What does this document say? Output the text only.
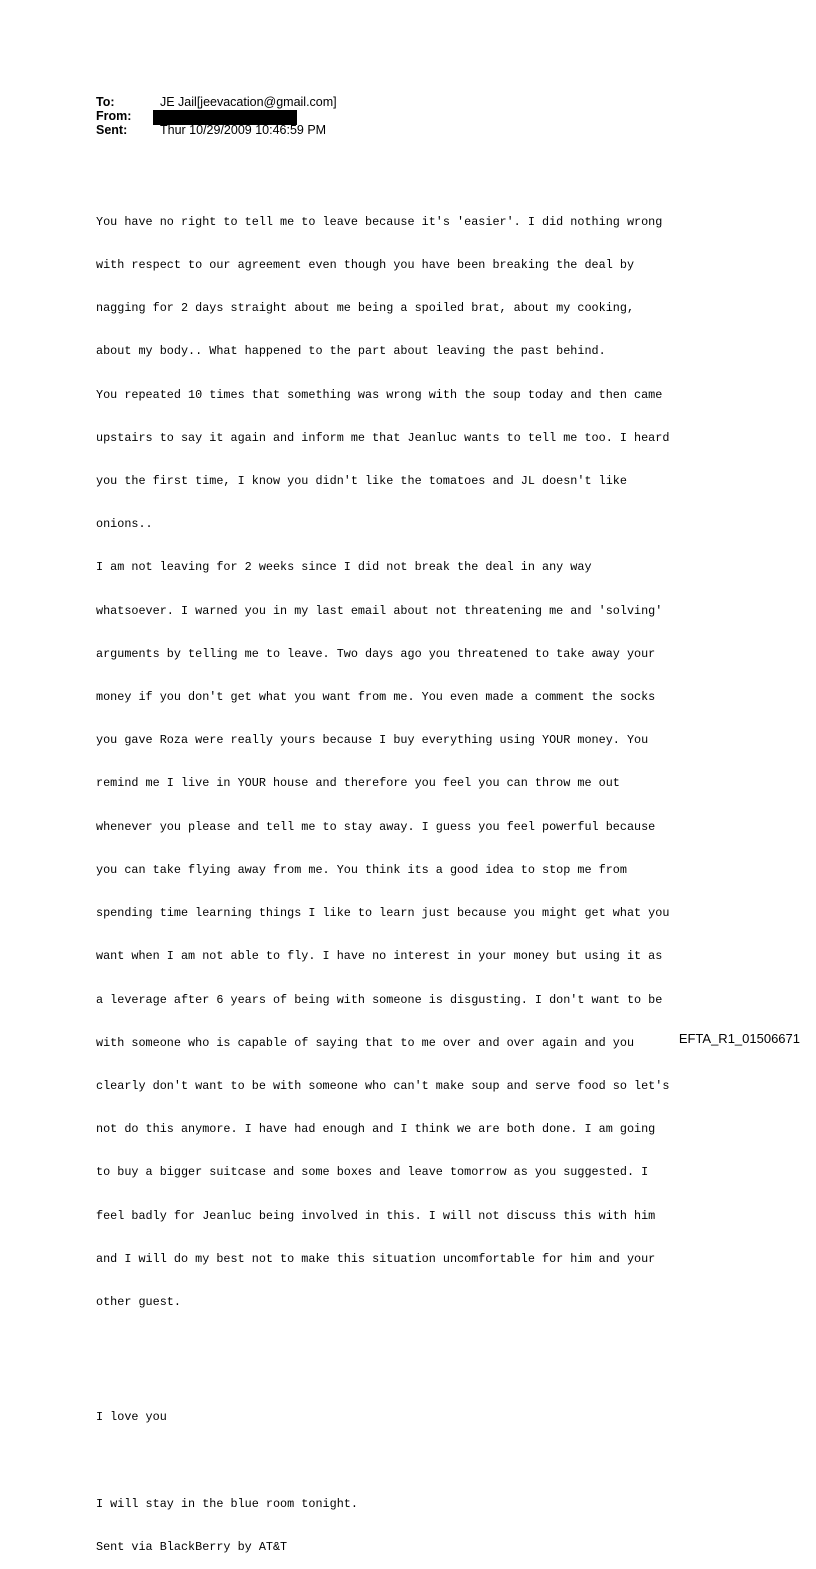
To:	JE Jail[jeevacation@gmail.com]
From:
Sent:	Thur 10/29/2009 10:46:59 PM

You have no right to tell me to leave because it's 'easier'. I did nothing wrong

with respect to our agreement even though you have been breaking the deal by

nagging for 2 days straight about me being a spoiled brat, about my cooking,

about my body.. What happened to the part about leaving the past behind.

You repeated 10 times that something was wrong with the soup today and then came

upstairs to say it again and inform me that Jeanluc wants to tell me too. I heard

you the first time, I know you didn't like the tomatoes and JL doesn't like

onions..

I am not leaving for 2 weeks since I did not break the deal in any way

whatsoever. I warned you in my last email about not threatening me and 'solving'

arguments by telling me to leave. Two days ago you threatened to take away your

money if you don't get what you want from me. You even made a comment the socks

you gave Roza were really yours because I buy everything using YOUR money. You

remind me I live in YOUR house and therefore you feel you can throw me out

whenever you please and tell me to stay away. I guess you feel powerful because

you can take flying away from me. You think its a good idea to stop me from

spending time learning things I like to learn just because you might get what you

want when I am not able to fly. I have no interest in your money but using it as

a leverage after 6 years of being with someone is disgusting. I don't want to be

with someone who is capable of saying that to me over and over again and you

clearly don't want to be with someone who can't make soup and serve food so let's

not do this anymore. I have had enough and I think we are both done. I am going

to buy a bigger suitcase and some boxes and leave tomorrow as you suggested. I

feel badly for Jeanluc being involved in this. I will not discuss this with him

and I will do my best not to make this situation uncomfortable for him and your

other guest.

I love you

I will stay in the blue room tonight.

Sent via BlackBerry by AT&T

EFTA_R1_01506671
